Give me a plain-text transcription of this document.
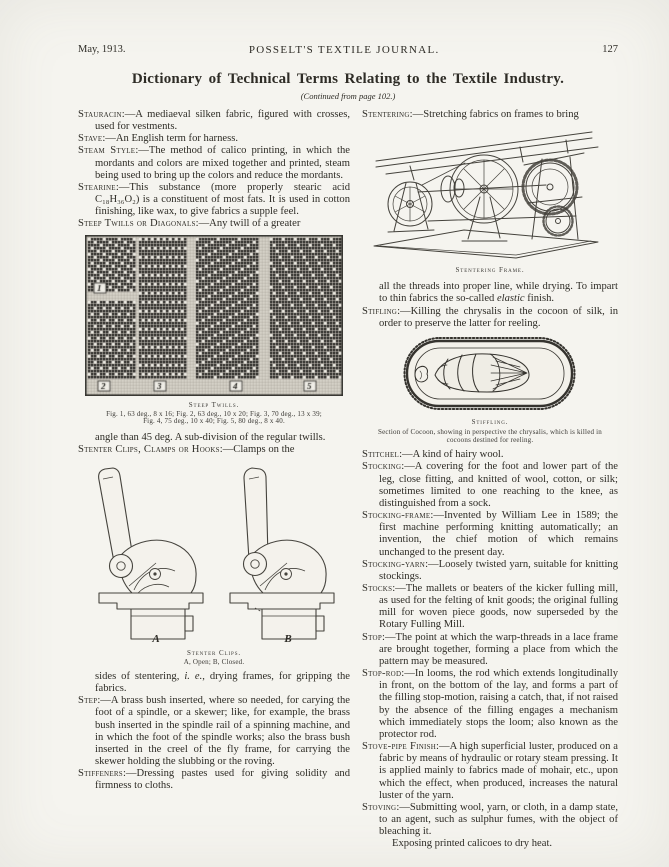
May, 1913.	POSSELT'S TEXTILE JOURNAL.	127
Dictionary of Technical Terms Relating to the Textile Industry.
(Continued from page 102.)

Stauracin:—A mediaeval silken fabric, figured with crosses, used for vestments.

Stave:—An English term for harness.

Steam Style:—The method of calico printing, in which the mordants and colors are mixed together and printed, steam being used to bring up the colors and reduce the mordants.

Stearine:—This substance (more properly stearic acid C₁₈H₃₆O₂) is a constituent of most fats. It is used in cotton finishing, like wax, to give fabrics a supple feel.

Steep Twills or Diagonals:—Any twill of a greater

Steep Twills.
Fig. 1, 63 deg., 8 x 16; Fig. 2, 63 deg., 10 x 20; Fig. 3, 70 deg., 13 x 39;
Fig. 4, 75 deg., 10 x 40; Fig. 5, 80 deg., 8 x 40.

angle than 45 deg. A sub-division of the regular twills.

Stenter Clips, Clamps or Hooks:—Clamps on the

A	B
Stenter Clips.
A, Open; B, Closed.

sides of stentering, i. e., drying frames, for gripping the fabrics.

Step:—A brass bush inserted, where so needed, for carying the foot of a spindle, or a skewer; like, for example, the brass bush inserted in the spindle rail of a spinning machine, and in which the foot of the spindle works; also the brass bush inserted in the creel of the fly frame, for carrying the skewer holding the slubbing or the roving.

Stiffeners:—Dressing pastes used for giving solidity and firmness to cloths.

Stentering:—Stretching fabrics on frames to bring

Stentering Frame.

all the threads into proper line, while drying. To impart to thin fabrics the so-called elastic finish.

Stifling:—Killing the chrysalis in the cocoon of silk, in order to preserve the latter for reeling.

Stiffling.
Section of Cocoon, showing in perspective the chrysalis, which is killed in cocoons destined for reeling.

Stitchel:—A kind of hairy wool.

Stocking:—A covering for the foot and lower part of the leg, close fitting, and knitted of wool, cotton, or silk; sometimes limited to one reaching to the knee, as distinguished from a sock.

Stocking-frame:—Invented by William Lee in 1589; the first machine performing knitting automatically; an invention, the chief motion of which remains unchanged to the present day.

Stocking-yarn:—Loosely twisted yarn, suitable for knitting stockings.

Stocks:—The mallets or beaters of the kicker fulling mill, as used for the felting of knit goods; the original fulling mill for woven piece goods, now superseded by the Rotary Fulling Mill.

Stop:—The point at which the warp-threads in a lace frame are brought together, forming a place from which the pattern may be measured.

Stop-rod:—In looms, the rod which extends longitudinally in front, on the bottom of the lay, and forms a part of the filling stop-motion, raising a catch, that, if not raised by the absence of the filling engages a mechanism which immediately stops the loom; also known as the protector rod.

Stove-pipe Finish:—A high superficial luster, produced on a fabric by means of hydraulic or rotary steam pressing. It is applied mainly to fabrics made of mohair, etc., upon which the effect, when produced, increases the natural luster of the yarn.

Stoving:—Submitting wool, yarn, or cloth, in a damp state, to an agent, such as sulphur fumes, with the object of bleaching it.

Exposing printed calicoes to dry heat.
